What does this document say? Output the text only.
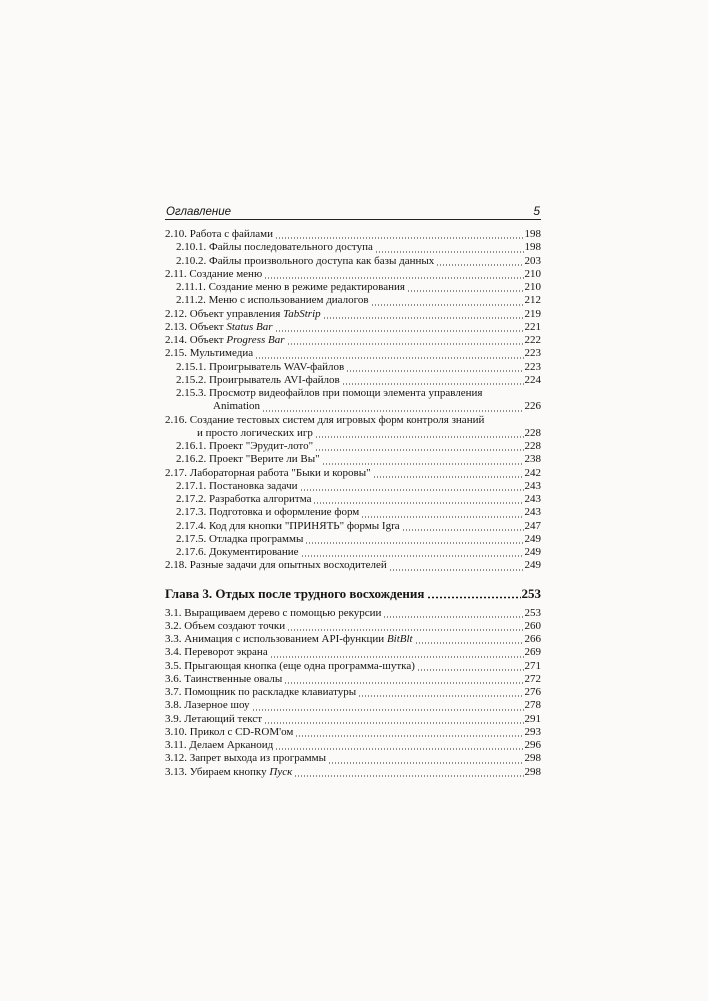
Оглавление	5
2.10. Работа с файлами	198
2.10.1. Файлы последовательного доступа	198
2.10.2. Файлы произвольного доступа как базы данных	203
2.11. Создание меню	210
2.11.1. Создание меню в режиме редактирования	210
2.11.2. Меню с использованием диалогов	212
2.12. Объект управления TabStrip	219
2.13. Объект Status Bar	221
2.14. Объект Progress Bar	222
2.15. Мультимедиа	223
2.15.1. Проигрыватель WAV-файлов	223
2.15.2. Проигрыватель AVI-файлов	224
2.15.3. Просмотр видеофайлов при помощи элемента управления
Animation	226
2.16. Создание тестовых систем для игровых форм контроля знаний
и просто логических игр	228
2.16.1. Проект "Эрудит-лото"	228
2.16.2. Проект "Верите ли Вы"	238
2.17. Лабораторная работа "Быки и коровы"	242
2.17.1. Постановка задачи	243
2.17.2. Разработка алгоритма	243
2.17.3. Подготовка и оформление форм	243
2.17.4. Код для кнопки "ПРИНЯТЬ" формы Igra	247
2.17.5. Отладка программы	249
2.17.6. Документирование	249
2.18. Разные задачи для опытных восходителей	249
Глава 3. Отдых после трудного восхождения	253
3.1. Выращиваем дерево с помощью рекурсии	253
3.2. Объем создают точки	260
3.3. Анимация с использованием API-функции BitBlt	266
3.4. Переворот экрана	269
3.5. Прыгающая кнопка (еще одна программа-шутка)	271
3.6. Таинственные овалы	272
3.7. Помощник по раскладке клавиатуры	276
3.8. Лазерное шоу	278
3.9. Летающий текст	291
3.10. Прикол с CD-ROM'ом	293
3.11. Делаем Арканоид	296
3.12. Запрет выхода из программы	298
3.13. Убираем кнопку Пуск	298
